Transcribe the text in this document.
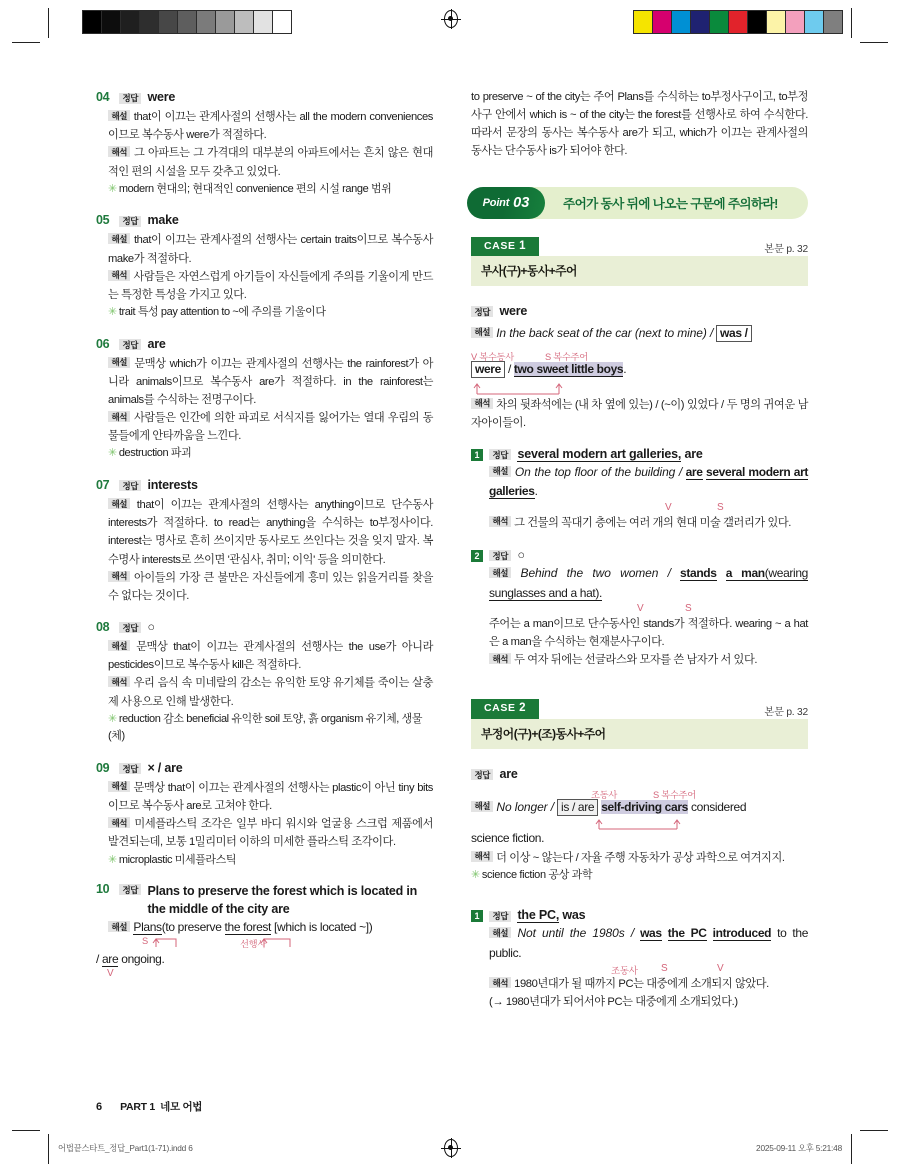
04	정답 were
해설 that이 이끄는 관계사절의 선행사는 all the modern conveniences이므로 복수동사 were가 적절하다.
해석 그 아파트는 그 가격대의 대부분의 아파트에서는 흔치 않은 현대적인 편의 시설을 모두 갖추고 있었다.
✳ modern 현대의; 현대적인 convenience 편의 시설 range 범위
05	정답 make
해설 that이 이끄는 관계사절의 선행사는 certain traits이므로 복수동사 make가 적절하다.
해석 사람들은 자연스럽게 아기들이 자신들에게 주의를 기울이게 만드는 특정한 특성을 가지고 있다.
✳ trait 특성 pay attention to ~에 주의를 기울이다
06	정답 are
해설 문맥상 which가 이끄는 관계사절의 선행사는 the rainforest가 아니라 animals이므로 복수동사 are가 적절하다. in the rainforest는 animals를 수식하는 전명구이다.
해석 사람들은 인간에 의한 파괴로 서식지를 잃어가는 열대 우림의 동물들에게 안타까움을 느낀다.
✳ destruction 파괴
07	정답 interests
해설 that이 이끄는 관계사절의 선행사는 anything이므로 단수동사 interests가 적절하다. to read는 anything을 수식하는 to부정사이다. interest는 명사로 흔히 쓰이지만 동사로도 쓰인다는 것을 잊지 말자. 복수명사 interests로 쓰이면 '관심사, 취미; 이익' 등을 의미한다.
해석 아이들의 가장 큰 불만은 자신들에게 흥미 있는 읽을거리를 찾을 수 없다는 것이다.
08	정답 ○
해설 문맥상 that이 이끄는 관계사절의 선행사는 the use가 아니라 pesticides이므로 복수동사 kill은 적절하다.
해석 우리 음식 속 미네랄의 감소는 유익한 토양 유기체를 죽이는 살충제 사용으로 인해 발생한다.
✳ reduction 감소 beneficial 유익한 soil 토양, 흙 organism 유기체, 생물(체)
09	정답 × / are
해설 문맥상 that이 이끄는 관계사절의 선행사는 plastic이 아닌 tiny bits이므로 복수동사 are로 고쳐야 한다.
해석 미세플라스틱 조각은 일부 바디 워시와 얼굴용 스크럽 제품에서 발견되는데, 보통 1밀리미터 이하의 미세한 플라스틱 조각이다.
✳ microplastic 미세플라스틱
10	정답 Plans to preserve the forest which is located in the middle of the city are
해설 Plans(to preserve the forest [which is located ~])
S	선행사
/ are ongoing.
V
to preserve ~ of the city는 주어 Plans를 수식하는 to부정사구이고, to부정사구 안에서 which is ~ of the city는 the forest를 선행사로 하여 수식한다. 따라서 문장의 동사는 복수동사 are가 되고, which가 이끄는 관계사절의 동사는 단수동사 is가 되어야 한다.
Point 03	주어가 동사 뒤에 나오는 구문에 주의하라!
CASE 1	본문 p. 32
부사(구)+동사+주어
정답 were
해설 In the back seat of the car (next to mine) / was /
V 복수동사	S 복수주어
were / two sweet little boys.
해석 차의 뒷좌석에는 (내 차 옆에 있는) / (~이) 있었다 / 두 명의 귀여운 남자아이들이.
1	정답 several modern art galleries, are
해설 On the top floor of the building / are several modern art galleries.
V	S
해석 그 건물의 꼭대기 층에는 여러 개의 현대 미술 갤러리가 있다.
2	정답 ○
해설 Behind the two women / stands a man(wearing sunglasses and a hat).
V	S
주어는 a man이므로 단수동사인 stands가 적절하다. wearing ~ a hat은 a man을 수식하는 현재분사구이다.
해석 두 여자 뒤에는 선글라스와 모자를 쓴 남자가 서 있다.
CASE 2	본문 p. 32
부정어(구)+(조)동사+주어
정답 are
조동사	S 복수주어
해설 No longer / is / are self-driving cars considered
science fiction.
해석 더 이상 ~ 않는다 / 자율 주행 자동차가 공상 과학으로 여겨지지.
✳ science fiction 공상 과학
1	정답 the PC, was
해설 Not until the 1980s / was the PC introduced to the public.
조동사 S	V
해석 1980년대가 될 때까지 PC는 대중에게 소개되지 않았다.
(→ 1980년대가 되어서야 PC는 대중에게 소개되었다.)
6 PART 1 네모 어법
어법끝스타트_정답_Part1(1-71).indd 6	2025-09-11 오후 5:21:48
